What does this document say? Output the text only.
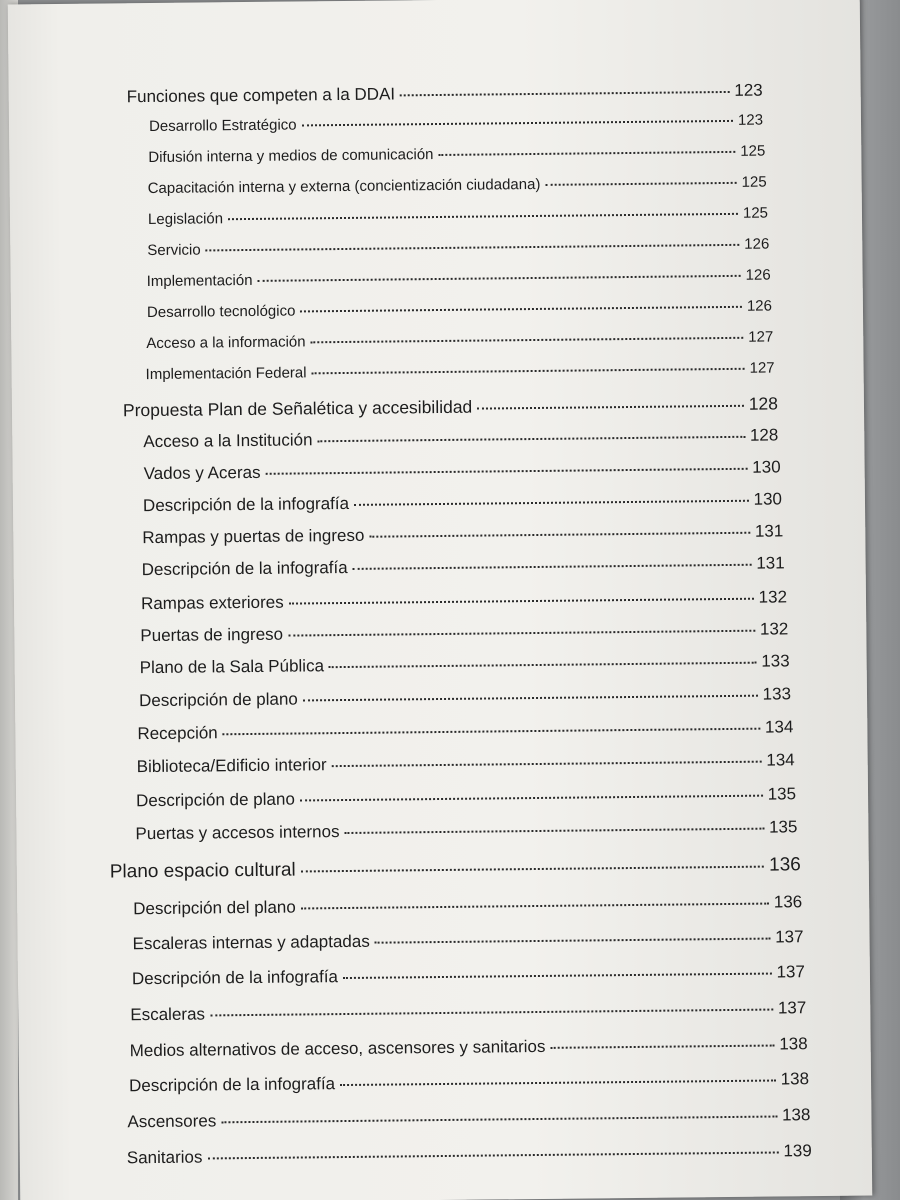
Funciones que competen a la DDAI	123
Desarrollo Estratégico	123
Difusión interna y medios de comunicación	125
Capacitación interna y externa (concientización ciudadana)	125
Legislación	125
Servicio	126
Implementación	126
Desarrollo tecnológico	126
Acceso a la información	127
Implementación Federal	127
Propuesta Plan de Señalética y accesibilidad	128
Acceso a la Institución	128
Vados y Aceras	130
Descripción de la infografía	130
Rampas y puertas de ingreso	131
Descripción de la infografía	131
Rampas exteriores	132
Puertas de ingreso	132
Plano de la Sala Pública	133
Descripción de plano	133
Recepción	134
Biblioteca/Edificio interior	134
Descripción de plano	135
Puertas y accesos internos	135
Plano espacio cultural	136
Descripción del plano	136
Escaleras internas y adaptadas	137
Descripción de la infografía	137
Escaleras	137
Medios alternativos de acceso, ascensores y sanitarios	138
Descripción de la infografía	138
Ascensores	138
Sanitarios	139
